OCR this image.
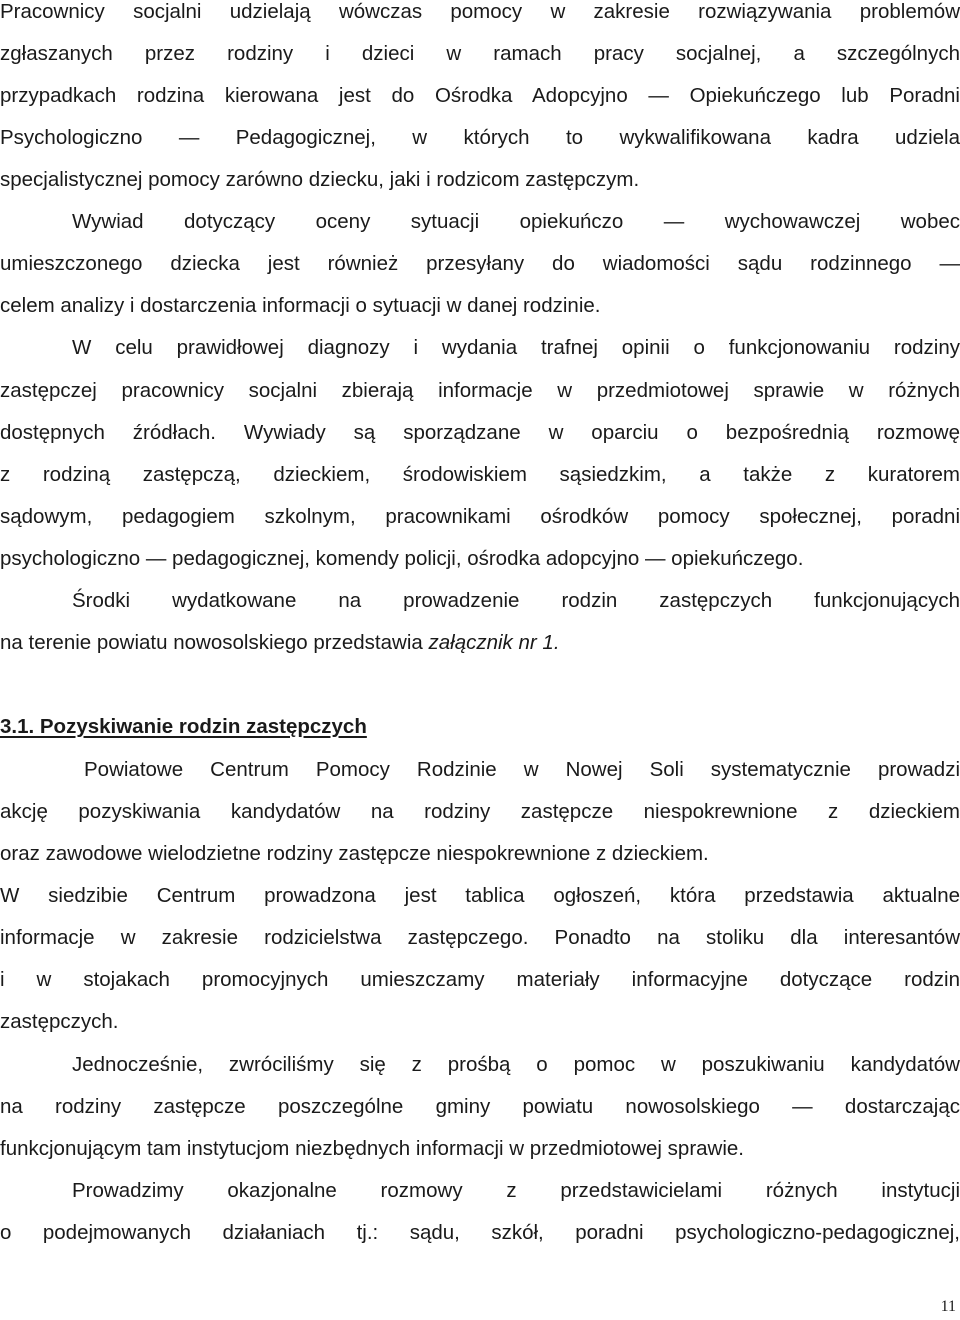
Pracownicy socjalni udzielają wówczas pomocy w zakresie rozwiązywania problemów
zgłaszanych przez rodziny i dzieci w ramach pracy socjalnej, a szczególnych
przypadkach rodzina kierowana jest do Ośrodka Adopcyjno — Opiekuńczego lub Poradni
Psychologiczno — Pedagogicznej, w których to wykwalifikowana kadra udziela
specjalistycznej pomocy zarówno dziecku, jaki i rodzicom zastępczym.
Wywiad dotyczący oceny sytuacji opiekuńczo — wychowawczej wobec
umieszczonego dziecka jest również przesyłany do wiadomości sądu rodzinnego —
celem analizy i dostarczenia informacji o sytuacji w danej rodzinie.
W celu prawidłowej diagnozy i wydania trafnej opinii o funkcjonowaniu rodziny
zastępczej pracownicy socjalni zbierają informacje w przedmiotowej sprawie w różnych
dostępnych źródłach. Wywiady są sporządzane w oparciu o bezpośrednią rozmowę
z rodziną zastępczą, dzieckiem, środowiskiem sąsiedzkim, a także z kuratorem
sądowym, pedagogiem szkolnym, pracownikami ośrodków pomocy społecznej, poradni
psychologiczno — pedagogicznej, komendy policji, ośrodka adopcyjno — opiekuńczego.
Środki wydatkowane na prowadzenie rodzin zastępczych funkcjonujących
na terenie powiatu nowosolskiego przedstawia załącznik nr 1.
3.1. Pozyskiwanie rodzin zastępczych
Powiatowe Centrum Pomocy Rodzinie w Nowej Soli systematycznie prowadzi
akcję pozyskiwania kandydatów na rodziny zastępcze niespokrewnione z dzieckiem
oraz zawodowe wielodzietne rodziny zastępcze niespokrewnione z dzieckiem.
W siedzibie Centrum prowadzona jest tablica ogłoszeń, która przedstawia aktualne
informacje w zakresie rodzicielstwa zastępczego. Ponadto na stoliku dla interesantów
i w stojakach promocyjnych umieszczamy materiały informacyjne dotyczące rodzin
zastępczych.
Jednocześnie, zwróciliśmy się z prośbą o pomoc w poszukiwaniu kandydatów
na rodziny zastępcze poszczególne gminy powiatu nowosolskiego — dostarczając
funkcjonującym tam instytucjom niezbędnych informacji w przedmiotowej sprawie.
Prowadzimy okazjonalne rozmowy z przedstawicielami różnych instytucji
o podejmowanych działaniach tj.: sądu, szkół, poradni psychologiczno-pedagogicznej,
11
